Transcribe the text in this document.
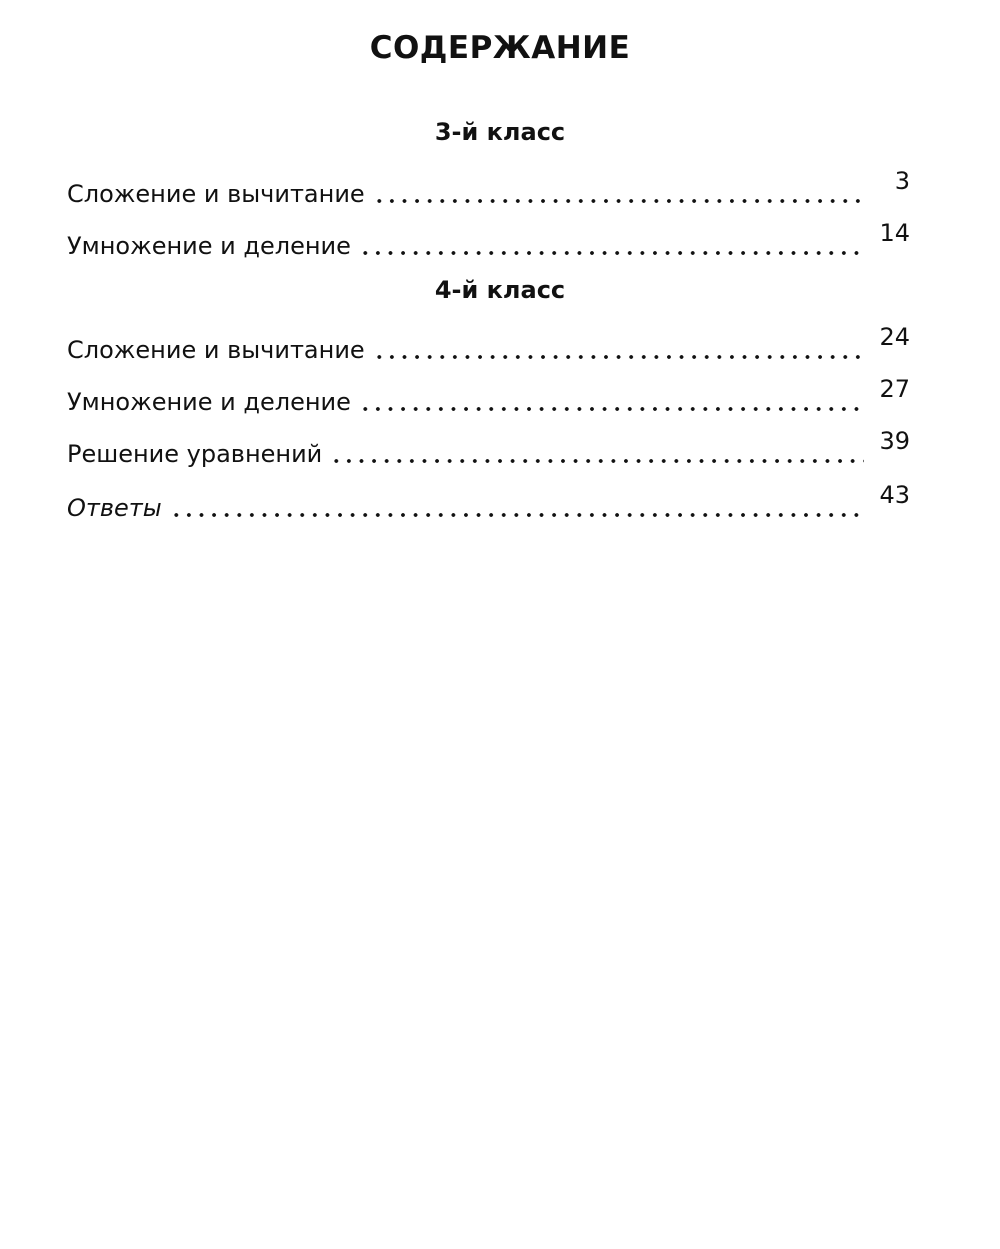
СОДЕРЖАНИЕ
3-й класс
Сложение и вычитание	3
Умножение и деление	14
4-й класс
Сложение и вычитание	24
Умножение и деление	27
Решение уравнений	39
Ответы	43
